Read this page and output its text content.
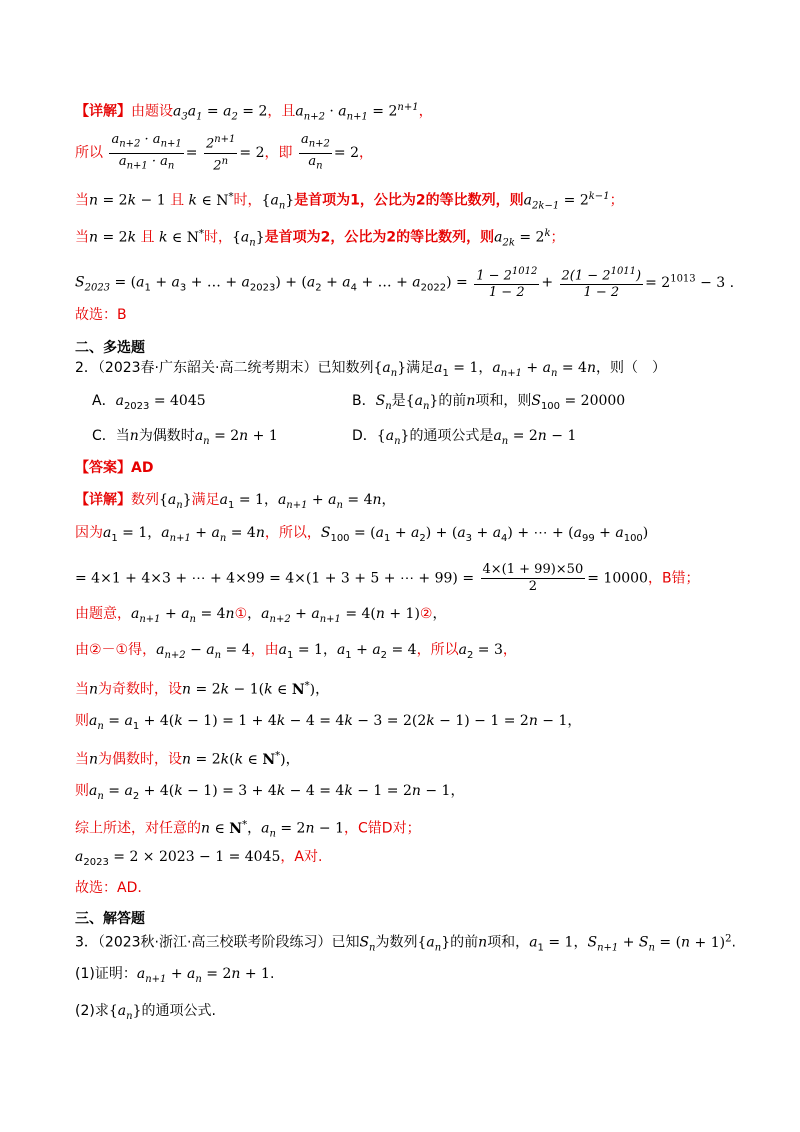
【详解】由题设$a_3a_1 = a_2 = 2$，且$a_{n+2} \cdot a_{n+1} = 2^{n+1}$，
所以 $\frac{a_{n+2} \cdot a_{n+1}}{a_{n+1} \cdot a_n} = \frac{2^{n+1}}{2^n} = 2$，即 $\frac{a_{n+2}}{a_n} = 2$，
当n = 2k − 1 且 k ∈ N*时，$\{a_n\}$是首项为1，公比为2的等比数列，则$a_{2k-1} = 2^{k-1}$；
当n = 2k 且 k ∈ N*时，$\{a_n\}$是首项为2，公比为2的等比数列，则$a_{2k} = 2^k$；
$S_{2023} = (a_1 + a_3$ + … + $a_{2023}) + (a_2 + a_4$ + … + $a_{2022}) = \frac{1 - 2^{1012}}{1 - 2} + \frac{2(1 - 2^{1011})}{1 - 2} = 2^{1013} - 3$ .
故选：B
二、多选题
2．（2023春·广东韶关·高二统考期末）已知数列$\{a_n\}$满足$a_1 = 1$，$a_{n+1} + a_n = 4n$，则（　）
A．$a_{2023} = 4045$	B．$S_n$是$\{a_n\}$的前n项和，则$S_{100} = 20000$
C．当n为偶数时$a_n = 2n + 1$	D．$\{a_n\}$的通项公式是$a_n = 2n - 1$
【答案】AD
【详解】数列$\{a_n\}$满足$a_1 = 1$，$a_{n+1} + a_n = 4n$，
因为$a_1 = 1$，$a_{n+1} + a_n = 4n$，所以，$S_{100} = (a_1 + a_2) + (a_3 + a_4)$ + ⋯ + $(a_{99} + a_{100})$
= 4×1 + 4×3 + ⋯ + 4×99 = 4×(1 + 3 + 5 + ⋯ + $99) = \frac{4\times(1 + 99)\times 50}{2} = 10000$，B错；
由题意，$a_{n+1} + a_n$ = 4n①，$a_{n+2} + a_{n+1} = 4(n$ + 1)②，
由②－①得，$a_{n+2} - a_n = 4$，由$a_1 = 1$，$a_1 + a_2 = 4$，所以$a_2 = 3$，
当n为奇数时，设n = 2k − 1(k ∈ N*)，
则$a_n = a_1 + 4(k - 1) = 1 + 4k - 4 = 4k - 3 = 2(2k - 1) - 1 = 2n - 1$，
当n为偶数时，设n = 2k(k ∈ N*)，
则$a_n = a_2 + 4(k - 1) = 3 + 4k - 4 = 4k - 1 = 2n - 1$，
综上所述，对任意的n ∈ N*，$a_n = 2n - 1$，C错D对；
$a_{2023} = 2 \times 2023 - 1 = 4045$，A对.
故选：AD.
三、解答题
3．（2023秋·浙江·高三校联考阶段练习）已知$S_n$为数列$\{a_n\}$的前n项和，$a_1 = 1$，$S_{n+1} + S_n = (n + 1)^2$.
(1)证明：$a_{n+1} + a_n = 2n + 1$.
(2)求$\{a_n\}$的通项公式.
